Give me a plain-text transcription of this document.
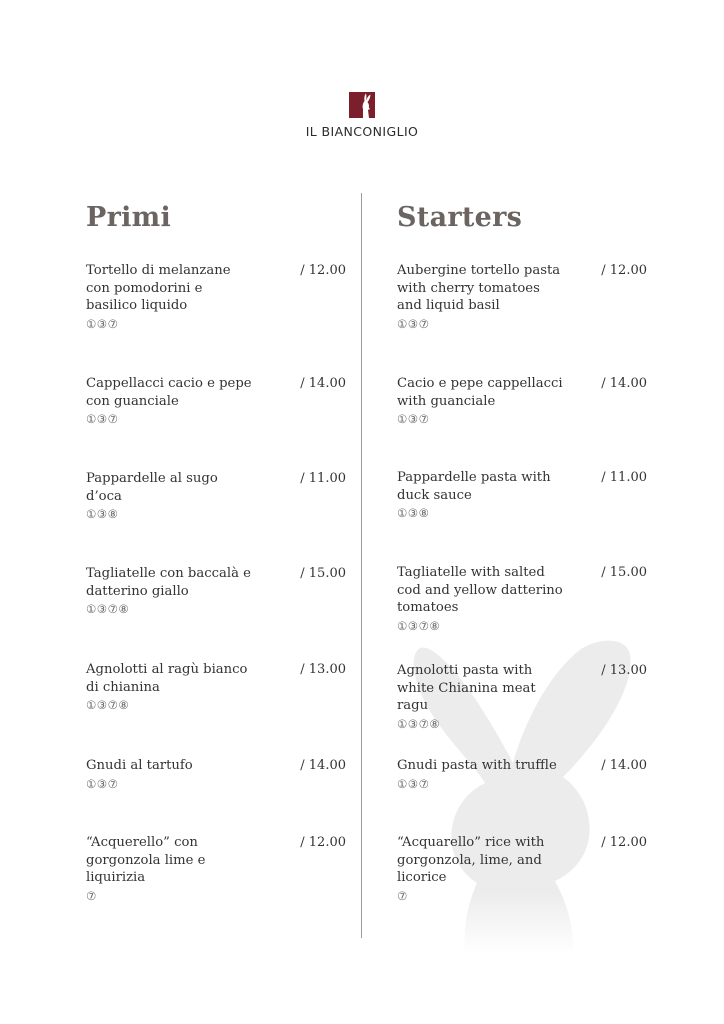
IL BIANCONIGLIO
Primi
Tortello di melanzane con pomodorini e basilico liquido
/ 12.00
①③⑦
Cappellacci cacio e pepe con guanciale
/ 14.00
①③⑦
Pappardelle al sugo d’oca
/ 11.00
①③⑧
Tagliatelle con baccalà e datterino giallo
/ 15.00
①③⑦⑧
Agnolotti al ragù bianco di chianina
/ 13.00
①③⑦⑧
Gnudi al tartufo	/ 14.00
①③⑦
“Acquerello” con gorgonzola lime e liquirizia
/ 12.00
⑦
Starters
Aubergine tortello pasta with cherry tomatoes and liquid basil
/ 12.00
①③⑦
Cacio e pepe cappellacci with guanciale
/ 14.00
①③⑦
Pappardelle pasta with duck sauce
/ 11.00
①③⑧
Tagliatelle with salted cod and yellow datterino tomatoes
/ 15.00
①③⑦⑧
Agnolotti pasta with white Chianina meat ragu
/ 13.00
①③⑦⑧
Gnudi pasta with truffle	/ 14.00
①③⑦
“Acquarello” rice with gorgonzola, lime, and licorice
/ 12.00
⑦
